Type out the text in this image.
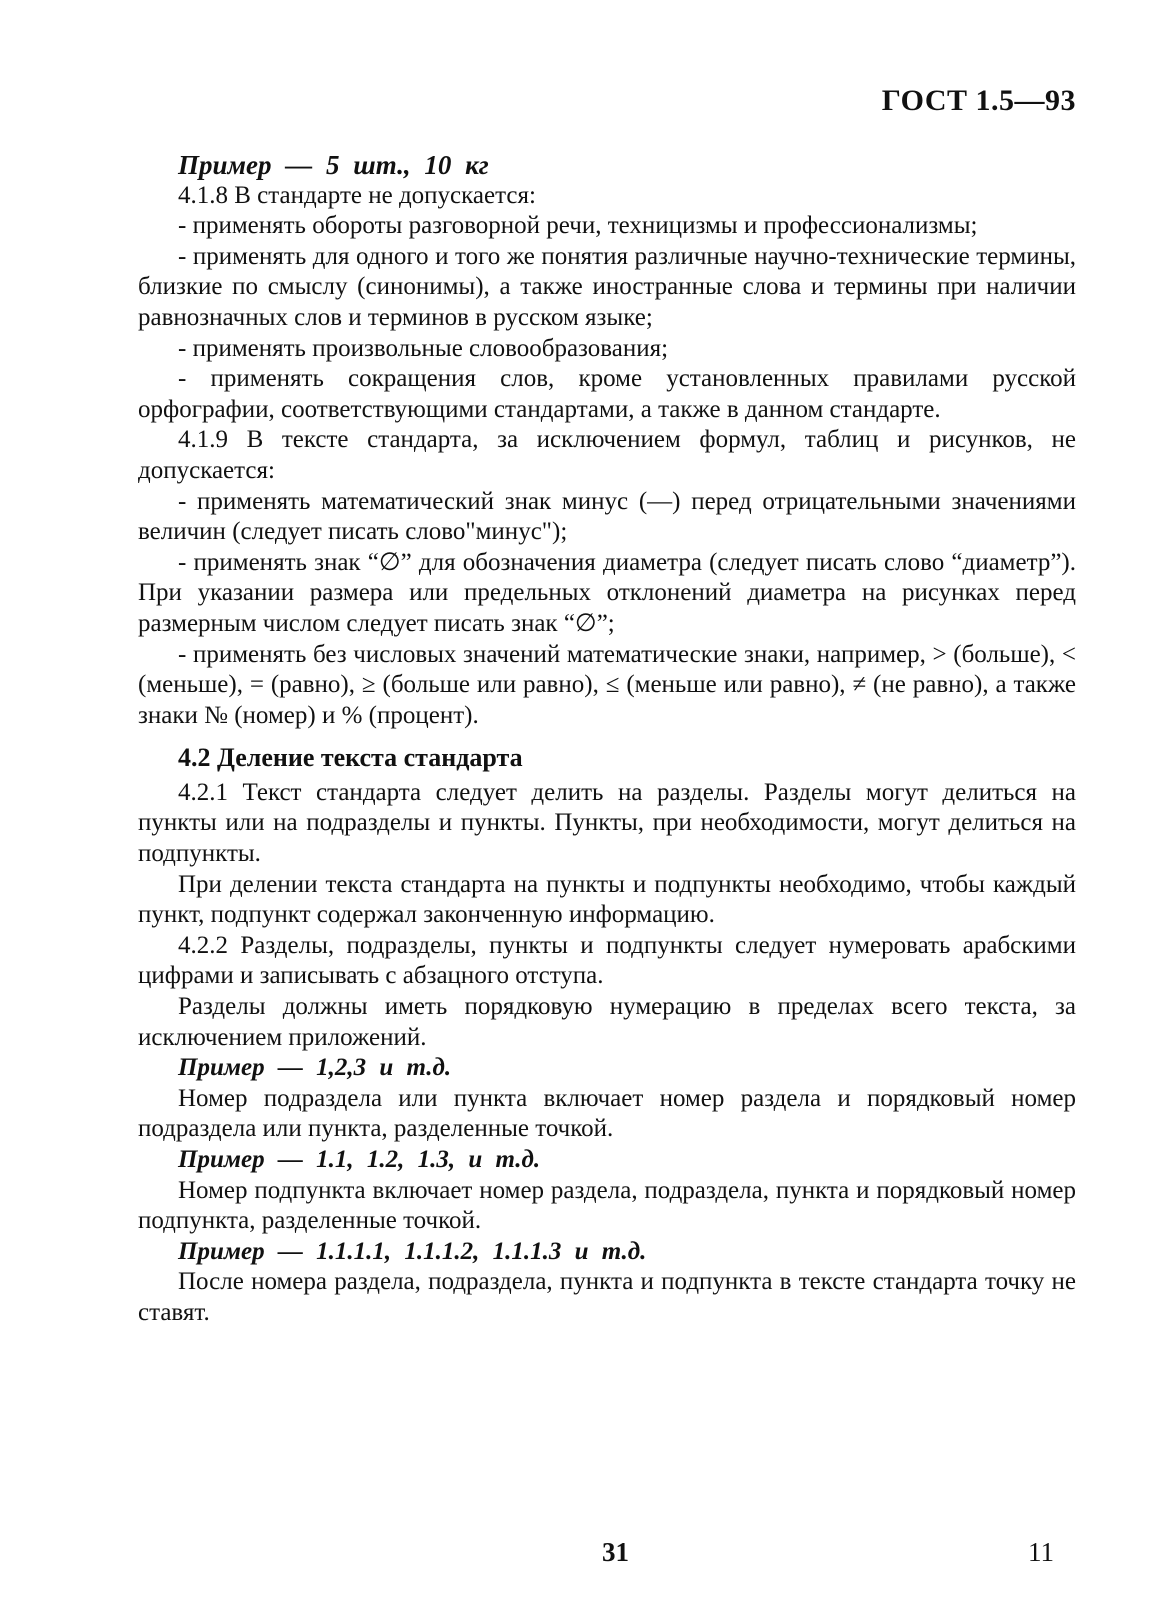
ГОСТ 1.5—93

Пример — 5 шт., 10 кг

4.1.8 В стандарте не допускается:

- применять обороты разговорной речи, техницизмы и профессионализмы;

- применять для одного и того же понятия различные научно-технические термины, близкие по смыслу (синонимы), а также иностранные слова и термины при наличии равнозначных слов и терминов в русском языке;

- применять произвольные словообразования;

- применять сокращения слов, кроме установленных правилами русской орфографии, соответствующими стандартами, а также в данном стандарте.

4.1.9 В тексте стандарта, за исключением формул, таблиц и рисунков, не допускается:

- применять математический знак минус (—) перед отрицательными значениями величин (следует писать слово"минус");

- применять знак “∅” для обозначения диаметра (следует писать слово “диаметр”). При указании размера или предельных отклонений диаметра на рисунках перед размерным числом следует писать знак “∅”;

- применять без числовых значений математические знаки, например, > (больше), < (меньше), = (равно), ≥ (больше или равно), ≤ (меньше или равно), ≠ (не равно), а также знаки № (номер) и % (процент).

4.2 Деление текста стандарта

4.2.1 Текст стандарта следует делить на разделы. Разделы могут делиться на пункты или на подразделы и пункты. Пункты, при необходимости, могут делиться на подпункты.

При делении текста стандарта на пункты и подпункты необходимо, чтобы каждый пункт, подпункт содержал законченную информацию.

4.2.2 Разделы, подразделы, пункты и подпункты следует нумеровать арабскими цифрами и записывать с абзацного отступа.

Разделы должны иметь порядковую нумерацию в пределах всего текста, за исключением приложений.

Пример — 1,2,3 и т.д.

Номер подраздела или пункта включает номер раздела и порядковый номер подраздела или пункта, разделенные точкой.

Пример — 1.1, 1.2, 1.3, и т.д.

Номер подпункта включает номер раздела, подраздела, пункта и порядковый номер подпункта, разделенные точкой.

Пример — 1.1.1.1, 1.1.1.2, 1.1.1.3 и т.д.

После номера раздела, подраздела, пункта и подпункта в тексте стандарта точку не ставят.

31	11
